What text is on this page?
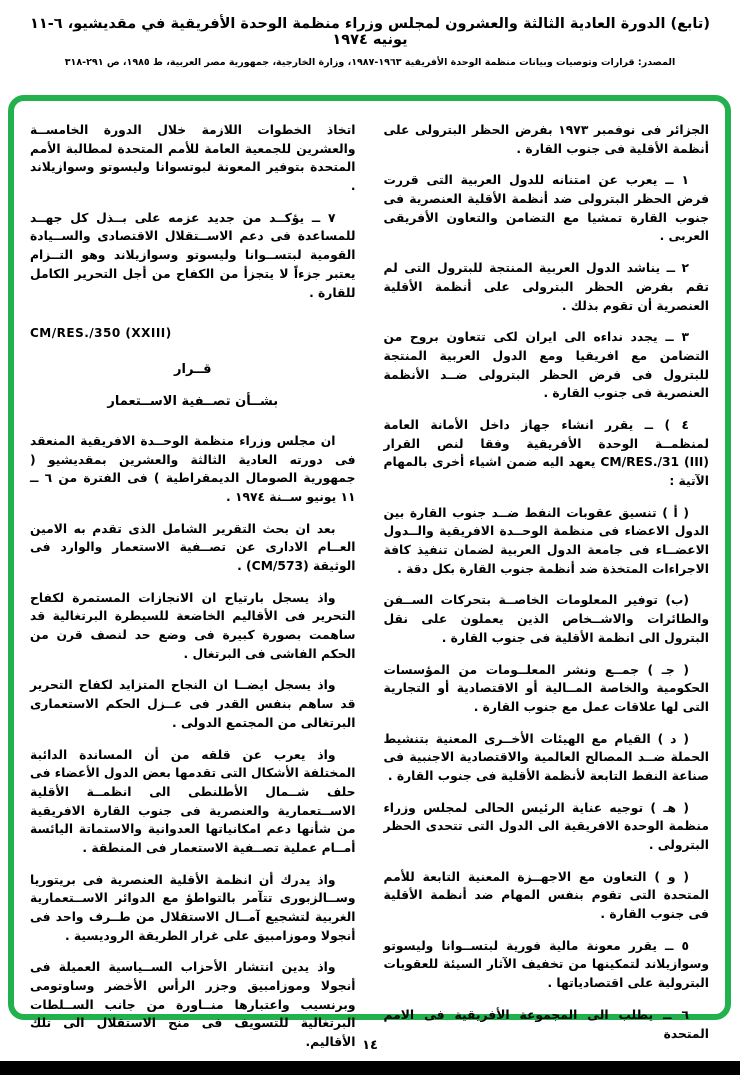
(تابع) الدورة العادية الثالثة والعشرون لمجلس وزراء منظمة الوحدة الأفريقية في مقديشيو، ٦-١١ يونيه ١٩٧٤
المصدر: قرارات وتوصيات وبيانات منظمة الوحدة الأفريقية ١٩٦٣-١٩٨٧، وزارة الخارجية، جمهورية مصر العربية، ط ١٩٨٥، ص ٢٩١-٣١٨
الجزائر فى نوفمبر ١٩٧٣ بفرض الحظر البترولى على أنظمة الأقلية فى جنوب القارة .
١ ــ يعرب عن امتنانه للدول العربية التى قررت فرض الحظر البترولى ضد أنظمة الأقلية العنصرية فى جنوب القارة تمشيا مع التضامن والتعاون الأفريقى العربى .
٢ ــ يناشد الدول العربية المنتجة للبترول التى لم تقم بفرض الحظر البترولى على أنظمة الأقلية العنصرية أن تقوم بذلك .
٣ ــ يجدد نداءه الى ايران لكى تتعاون بروح من التضامن مع افريقيا ومع الدول العربية المنتجة للبترول فى فرض الحظر البترولى ضــد الأنظمة العنصرية فى جنوب القارة .
٤ ) ــ يقرر انشاء جهاز داخل الأمانة العامة لمنظمــة الوحدة الأفريقية وفقا لنص القرار ‎CM/RES./31 (III)‎ يعهد اليه ضمن اشياء أخرى بالمهام الآتية :
( أ ) تنسيق عقوبات النفط ضــد جنوب القارة بين الدول الاعضاء فى منظمة الوحــدة الافريقية والــدول الاعضــاء فى جامعة الدول العربية لضمان تنفيذ كافة الاجراءات المتخذة ضد أنظمة جنوب القارة بكل دقة .
(ب) توفير المعلومات الخاصــة بتحركات الســفن والطائرات والاشــخاص الذين يعملون على نقل البترول الى انظمة الأقلية فى جنوب القارة .
( جـ ) جمــع ونشر المعلــومات من المؤسسات الحكومية والخاصة المــالية أو الاقتصادية أو التجارية التى لها علاقات عمل مع جنوب القارة .
( د ) القيام مع الهيئات الأخــرى المعنية بتنشيط الحملة ضــد المصالح العالمية والاقتصادية الاجنبية فى صناعة النفط التابعة لأنظمة الأقلية فى جنوب القارة .
( هـ ) توجيه عناية الرئيس الحالى لمجلس وزراء منظمة الوحدة الافريقية الى الدول التى تتحدى الحظر البترولى .
( و ) التعاون مع الاجهــزة المعنية التابعة للأمم المتحدة التى تقوم بنفس المهام ضد أنظمة الأقلية فى جنوب القارة .
٥ ــ يقرر معونة مالية فورية لبتســوانا وليسوتو وسوازيلاند لتمكينها من تخفيف الآثار السيئة للعقوبات البترولية على اقتصادياتها .
٦ ــ يطلب الى المجموعة الأفريقية فى الامم المتحدة
اتخاذ الخطوات اللازمة خلال الدورة الخامســة والعشرين للجمعية العامة للأمم المتحدة لمطالبة الأمم المتحدة بتوفير المعونة لبوتسوانا وليسوتو وسوازيلاند .
٧ ــ يؤكــد من جديد عزمه على بــذل كل جهــد للمساعدة فى دعم الاســتقلال الاقتصادى والســيادة القومية لبتســوانا وليسوتو وسوازيلاند وهو التــزام يعتبر جزءاً لا يتجزأ من الكفاح من أجل التحرير الكامل للقارة .
CM/RES./350 (XXIII)
قــرار
بشــأن تصــفية الاســتعمار
ان مجلس وزراء منظمة الوحــدة الافريقية المنعقد فى دورته العادية الثالثة والعشرين بمقديشيو ( جمهورية الصومال الديمقراطية ) فى الفترة من ٦ ــ ١١ يونيو ســنة ١٩٧٤ .
بعد ان بحث التقرير الشامل الذى تقدم به الامين العــام الادارى عن تصــفية الاستعمار والوارد فى الوثيقة ‎(CM/573)‎ .
واذ يسجل بارتياح ان الانجازات المستمرة لكفاح التحرير فى الأقاليم الخاضعة للسيطرة البرتغالية قد ساهمت بصورة كبيرة فى وضع حد لنصف قرن من الحكم الفاشى فى البرتغال .
واذ يسجل ايضــا ان النجاح المتزايد لكفاح التحرير قد ساهم بنفس القدر فى عــزل الحكم الاستعمارى البرتغالى من المجتمع الدولى .
واذ يعرب عن قلقه من أن المساندة الدائبة المختلفة الأشكال التى تقدمها بعض الدول الأعضاء فى حلف شــمال الأطلنطى الى انظمــة الأقلية الاســتعمارية والعنصرية فى جنوب القارة الافريقية من شأنها دعم امكانياتها العدوانية والاستماتة اليائسة أمــام عملية تصــفية الاستعمار فى المنطقة .
واذ يدرك أن انظمة الأقلية العنصرية فى بريتوريا وســالزبورى تتآمر بالتواطؤ مع الدوائر الاســتعمارية الغربية لتشجيع آمــال الاستقلال من طــرف واحد فى أنجولا وموزامبيق على غرار الطريقة الروديسية .
واذ يدين انتشار الأحزاب الســياسية العميلة فى أنجولا وموزامبيق وجزر الرأس الأخضر وساوتومى وبرنسيب واعتبارها منــاورة من جانب الســلطات البرتغالية للتسويف فى منح الاستقلال الى تلك الأقاليم. ١٤
